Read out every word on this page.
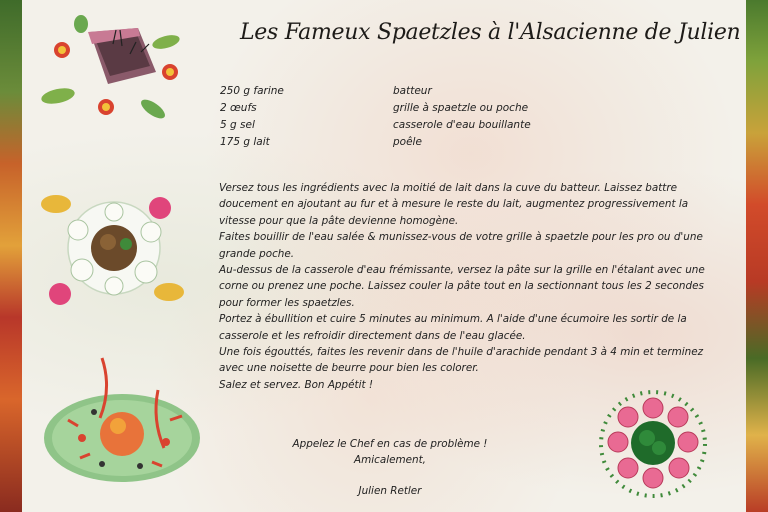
Les Fameux Spaetzles à l'Alsacienne de Julien
250 g farine
2 œufs
5 g sel
175 g lait
batteur
grille à spaetzle ou poche
casserole d'eau bouillante
poêle

Versez tous les ingrédients avec la moitié de lait dans la cuve du batteur. Laissez battre doucement en ajoutant au fur et à mesure le reste du lait, augmentez progressivement la vitesse pour que la pâte devienne homogène.

Faites bouillir de l'eau salée & munissez-vous de votre grille à spaetzle pour les pro ou d'une grande poche.

Au-dessus de la casserole d'eau frémissante, versez la pâte sur la grille en l'étalant avec une corne ou prenez une poche. Laissez couler la pâte tout en la sectionnant tous les 2 secondes pour former les spaetzles.

Portez à ébullition et cuire 5 minutes au minimum. A l'aide d'une écumoire les sortir de la casserole et les refroidir directement dans de l'eau glacée.

Une fois égouttés, faites les revenir dans de l'huile d'arachide pendant 3 à 4 min et terminez avec une noisette de beurre pour bien les colorer.

Salez et servez. Bon Appétit !

Appelez le Chef en cas de problème !

Amicalement,

Julien Retler
